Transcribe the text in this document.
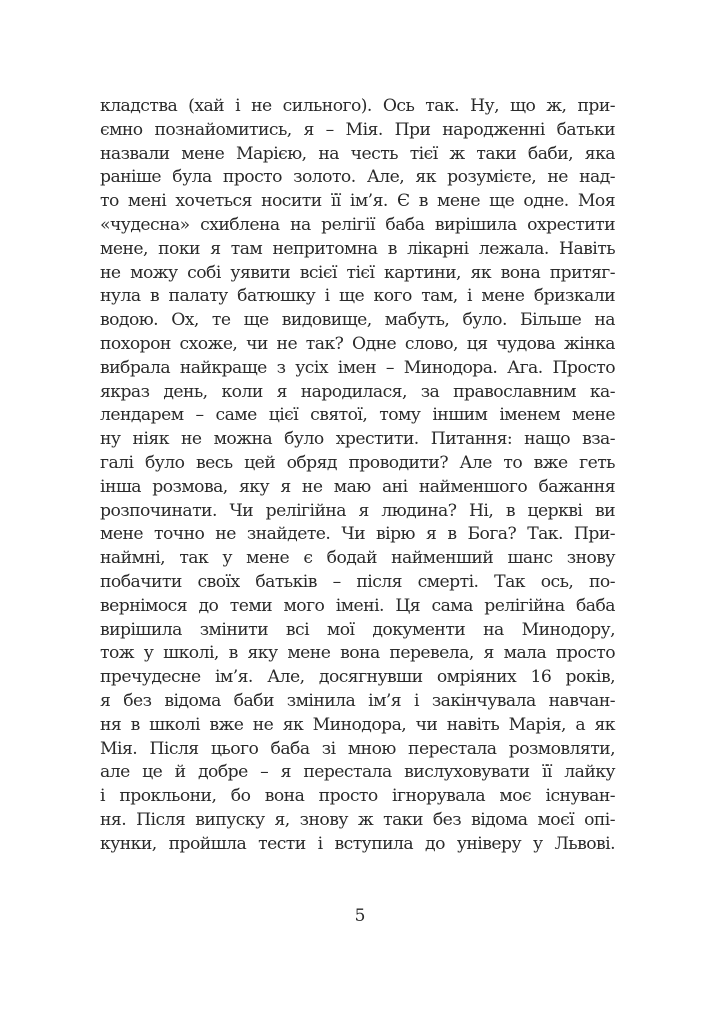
кладства (хай і не сильного). Ось так. Ну, що ж, при-
ємно познайомитись, я – Мія. При народженні батьки
назвали мене Марією, на честь тієї ж таки баби, яка
раніше була просто золото. Але, як розумієте, не над-
то мені хочеться носити її ім’я. Є в мене ще одне. Моя
«чудесна» схиблена на релігії баба вирішила охрестити
мене, поки я там непритомна в лікарні лежала. Навіть
не можу собі уявити всієї тієї картини, як вона притяг-
нула в палату батюшку і ще кого там, і мене бризкали
водою. Ох, те ще видовище, мабуть, було. Більше на
похорон схоже, чи не так? Одне слово, ця чудова жінка
вибрала найкраще з усіх імен – Минодора. Ага. Просто
якраз день, коли я народилася, за православним ка-
лендарем – саме цієї святої, тому іншим іменем мене
ну ніяк не можна було хрестити. Питання: нащо взa-
галі було весь цей обряд проводити? Але то вже геть
інша розмова, яку я не маю ані найменшого бажання
розпочинати. Чи релігійна я людина? Ні, в церкві ви
мене точно не знайдете. Чи вірю я в Бога? Так. При-
наймні, так у мене є бодай найменший шанс знову
побачити своїх батьків – після смерті. Так ось, по-
вернімося до теми мого імені. Ця сама релігійна баба
вирішила змінити всі мої документи на Минодору,
тож у школі, в яку мене вона перевела, я мала просто
пречудесне ім’я. Але, досягнувши омріяних 16 років,
я без відома баби змінила ім’я і закінчувала навчан-
ня в школі вже не як Минодора, чи навіть Марія, а як
Мія. Після цього баба зі мною перестала розмовляти,
але це й добре – я перестала вислуховувати її лайку
і прокльони, бо вона просто ігнорувала моє існуван-
ня. Після випуску я, знову ж таки без відома моєї опі-
кунки, пройшла тести і вступила до універу у Львові.
5
